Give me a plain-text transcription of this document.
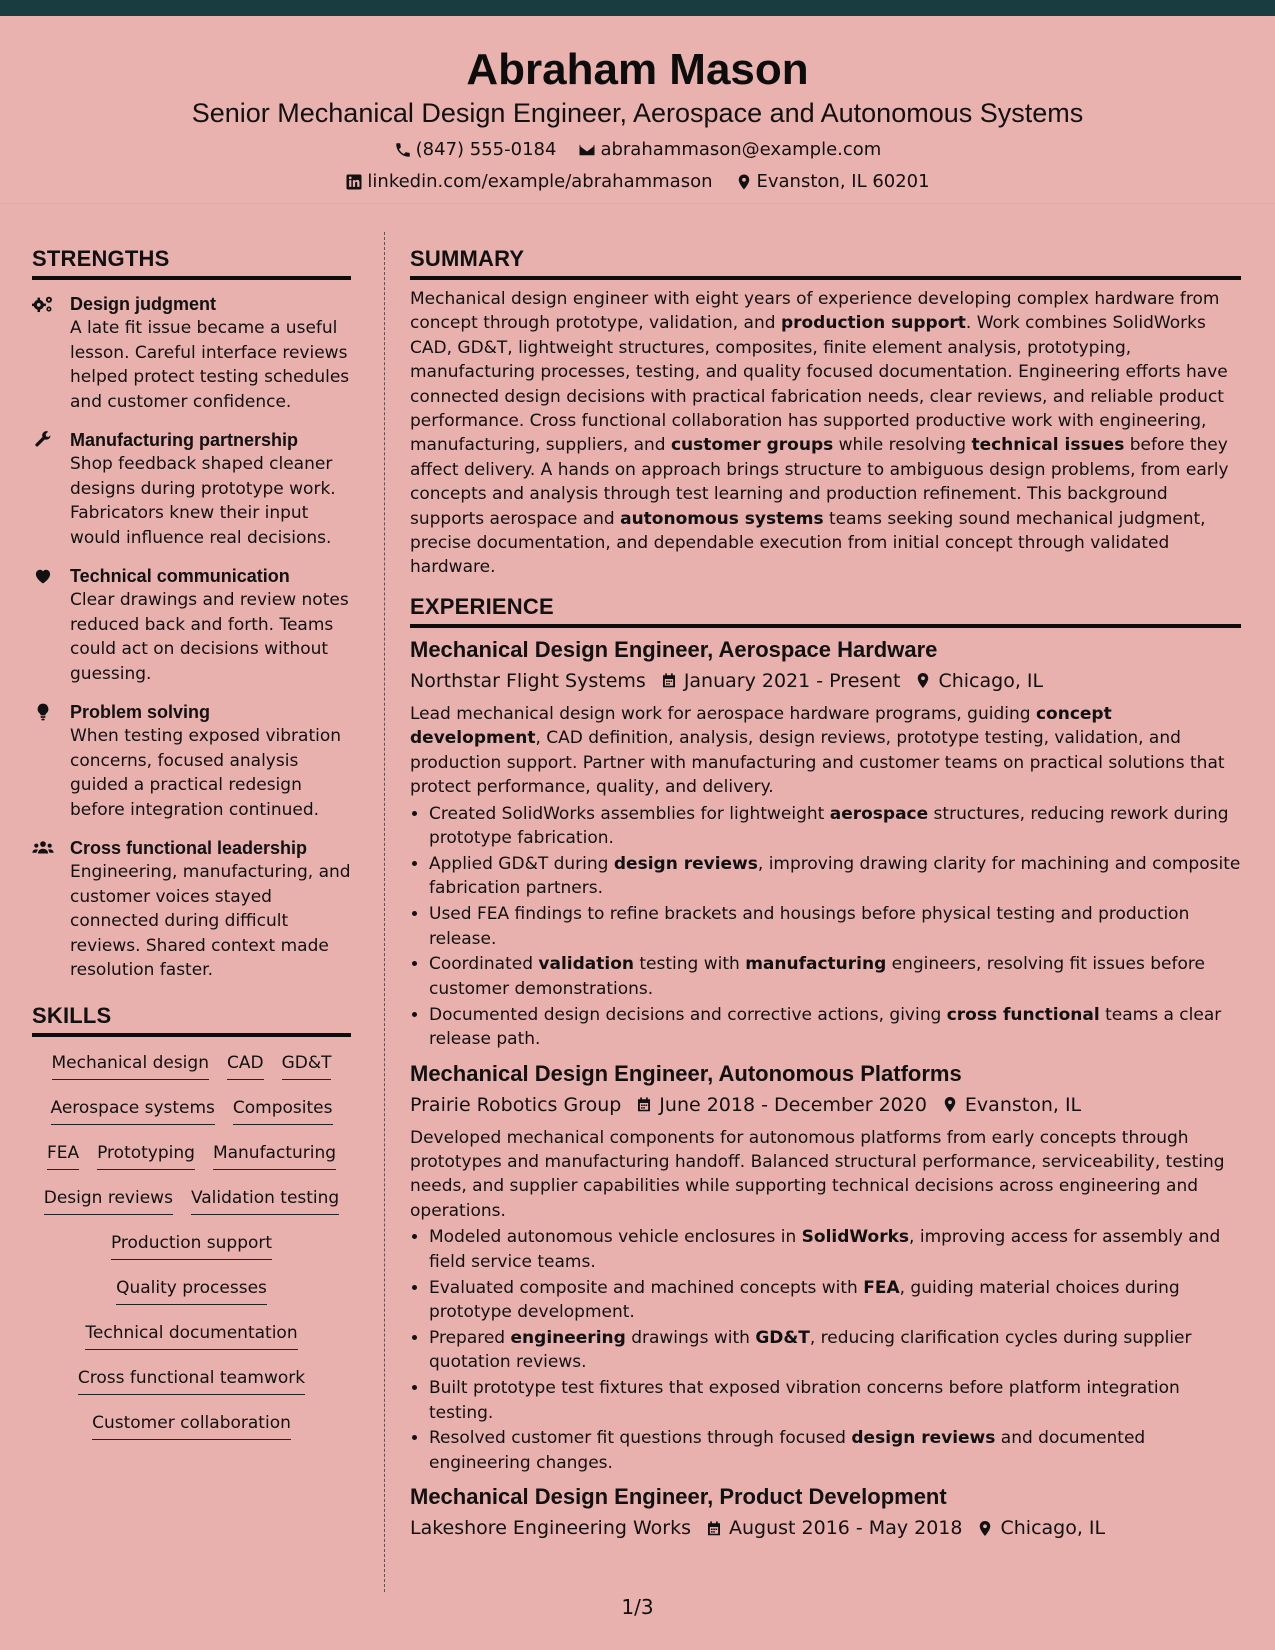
Abraham Mason
Senior Mechanical Design Engineer, Aerospace and Autonomous Systems
(847) 555-0184 abrahammason@example.com
linkedin.com/example/abrahammason Evanston, IL 60201
STRENGTHS
Design judgment
A late fit issue became a useful lesson. Careful interface reviews helped protect testing schedules and customer confidence.
Manufacturing partnership
Shop feedback shaped cleaner designs during prototype work. Fabricators knew their input would influence real decisions.
Technical communication
Clear drawings and review notes reduced back and forth. Teams could act on decisions without guessing.
Problem solving
When testing exposed vibration concerns, focused analysis guided a practical redesign before integration continued.
Cross functional leadership
Engineering, manufacturing, and customer voices stayed connected during difficult reviews. Shared context made resolution faster.
SKILLS
Mechanical design CAD GD&T
Aerospace systems Composites
FEA Prototyping Manufacturing
Design reviews Validation testing
Production support
Quality processes
Technical documentation
Cross functional teamwork
Customer collaboration
SUMMARY
Mechanical design engineer with eight years of experience developing complex hardware from concept through prototype, validation, and production support. Work combines SolidWorks CAD, GD&T, lightweight structures, composites, finite element analysis, prototyping, manufacturing processes, testing, and quality focused documentation. Engineering efforts have connected design decisions with practical fabrication needs, clear reviews, and reliable product performance. Cross functional collaboration has supported productive work with engineering, manufacturing, suppliers, and customer groups while resolving technical issues before they affect delivery. A hands on approach brings structure to ambiguous design problems, from early concepts and analysis through test learning and production refinement. This background supports aerospace and autonomous systems teams seeking sound mechanical judgment, precise documentation, and dependable execution from initial concept through validated hardware.
EXPERIENCE
Mechanical Design Engineer, Aerospace Hardware
Northstar Flight Systems January 2021 - Present Chicago, IL
Lead mechanical design work for aerospace hardware programs, guiding concept development, CAD definition, analysis, design reviews, prototype testing, validation, and production support. Partner with manufacturing and customer teams on practical solutions that protect performance, quality, and delivery.
• Created SolidWorks assemblies for lightweight aerospace structures, reducing rework during prototype fabrication.
• Applied GD&T during design reviews, improving drawing clarity for machining and composite fabrication partners.
• Used FEA findings to refine brackets and housings before physical testing and production release.
• Coordinated validation testing with manufacturing engineers, resolving fit issues before customer demonstrations.
• Documented design decisions and corrective actions, giving cross functional teams a clear release path.
Mechanical Design Engineer, Autonomous Platforms
Prairie Robotics Group June 2018 - December 2020 Evanston, IL
Developed mechanical components for autonomous platforms from early concepts through prototypes and manufacturing handoff. Balanced structural performance, serviceability, testing needs, and supplier capabilities while supporting technical decisions across engineering and operations.
• Modeled autonomous vehicle enclosures in SolidWorks, improving access for assembly and field service teams.
• Evaluated composite and machined concepts with FEA, guiding material choices during prototype development.
• Prepared engineering drawings with GD&T, reducing clarification cycles during supplier quotation reviews.
• Built prototype test fixtures that exposed vibration concerns before platform integration testing.
• Resolved customer fit questions through focused design reviews and documented engineering changes.
Mechanical Design Engineer, Product Development
Lakeshore Engineering Works August 2016 - May 2018 Chicago, IL
1/3
